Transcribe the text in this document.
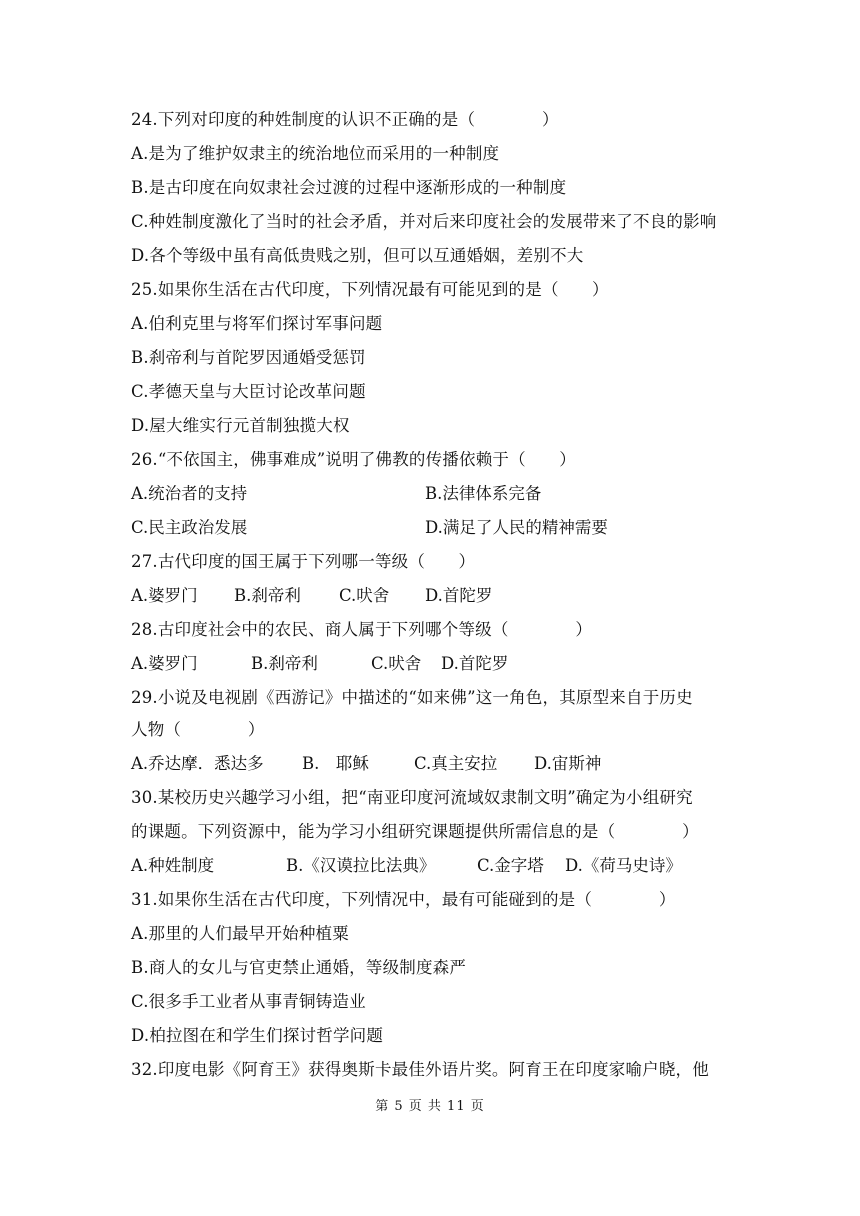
24.下列对印度的种姓制度的认识不正确的是（　　　　）
A.是为了维护奴隶主的统治地位而采用的一种制度
B.是古印度在向奴隶社会过渡的过程中逐渐形成的一种制度
C.种姓制度激化了当时的社会矛盾，并对后来印度社会的发展带来了不良的影响
D.各个等级中虽有高低贵贱之别，但可以互通婚姻，差别不大
25.如果你生活在古代印度，下列情况最有可能见到的是（　　）
A.伯利克里与将军们探讨军事问题
B.刹帝利与首陀罗因通婚受惩罚
C.孝德天皇与大臣讨论改革问题
D.屋大维实行元首制独揽大权
26.“不依国主，佛事难成”说明了佛教的传播依赖于（　　）
A.统治者的支持	B.法律体系完备
C.民主政治发展	D.满足了人民的精神需要
27.古代印度的国王属于下列哪一等级（　　）
A.婆罗门 B.刹帝利 C.吠舍 D.首陀罗
28.古印度社会中的农民、商人属于下列哪个等级（　　　　）
A.婆罗门	B.刹帝利	C.吠舍 D.首陀罗
29.小说及电视剧《西游记》中描述的“如来佛”这一角色，其原型来自于历史
人物（　　　　）
A.乔达摩．悉达多 B.　耶稣	C.真主安拉 D.宙斯神
30.某校历史兴趣学习小组，把“南亚印度河流域奴隶制文明”确定为小组研究
的课题。下列资源中，能为学习小组研究课题提供所需信息的是（　　　　）
A.种姓制度	B.《汉谟拉比法典》	C.金字塔 D.《荷马史诗》
31.如果你生活在古代印度，下列情况中，最有可能碰到的是（　　　　）
A.那里的人们最早开始种植粟
B.商人的女儿与官吏禁止通婚，等级制度森严
C.很多手工业者从事青铜铸造业
D.柏拉图在和学生们探讨哲学问题
32.印度电影《阿育王》获得奥斯卡最佳外语片奖。阿育王在印度家喻户晓，他
第 5 页 共 11 页
